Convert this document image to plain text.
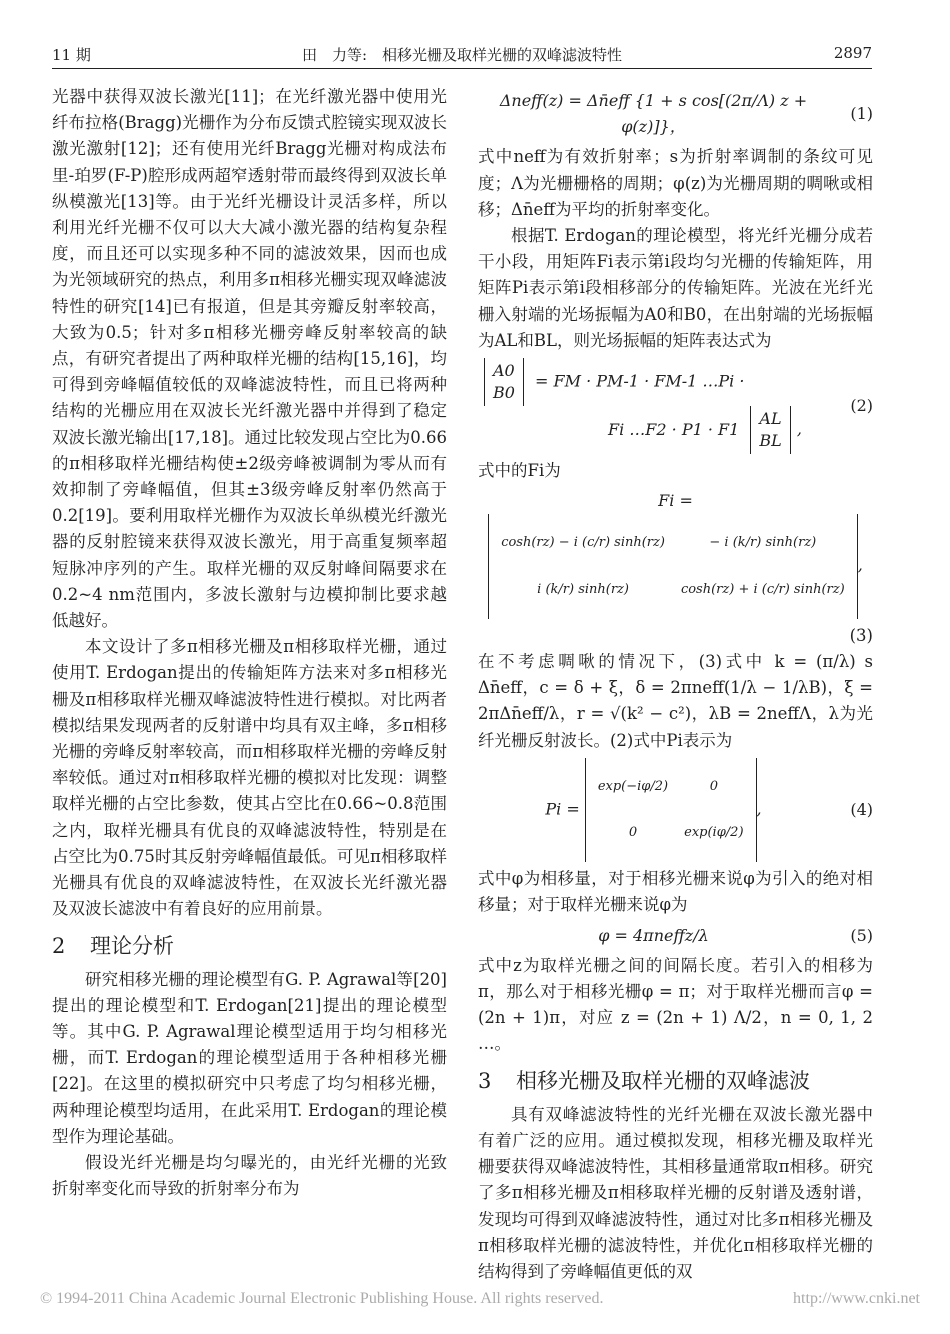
11 期	田　力等:　相移光栅及取样光栅的双峰滤波特性	2897

光器中获得双波长激光[11]；在光纤激光器中使用光纤布拉格(Bragg)光栅作为分布反馈式腔镜实现双波长激光激射[12]；还有使用光纤Bragg光栅对构成法布里-珀罗(F-P)腔形成两超窄透射带而最终得到双波长单纵模激光[13]等。由于光纤光栅设计灵活多样，所以利用光纤光栅不仅可以大大减小激光器的结构复杂程度，而且还可以实现多种不同的滤波效果，因而也成为光领域研究的热点，利用多π相移光栅实现双峰滤波特性的研究[14]已有报道，但是其旁瓣反射率较高，大致为0.5；针对多π相移光栅旁峰反射率较高的缺点，有研究者提出了两种取样光栅的结构[15,16]，均可得到旁峰幅值较低的双峰滤波特性，而且已将两种结构的光栅应用在双波长光纤激光器中并得到了稳定双波长激光输出[17,18]。通过比较发现占空比为0.66的π相移取样光栅结构使±2级旁峰被调制为零从而有效抑制了旁峰幅值，但其±3级旁峰反射率仍然高于0.2[19]。要利用取样光栅作为双波长单纵模光纤激光器的反射腔镜来获得双波长激光，用于高重复频率超短脉冲序列的产生。取样光栅的双反射峰间隔要求在0.2~4 nm范围内，多波长激射与边模抑制比要求越低越好。

本文设计了多π相移光栅及π相移取样光栅，通过使用T. Erdogan提出的传输矩阵方法来对多π相移光栅及π相移取样光栅双峰滤波特性进行模拟。对比两者模拟结果发现两者的反射谱中均具有双主峰，多π相移光栅的旁峰反射率较高，而π相移取样光栅的旁峰反射率较低。通过对π相移取样光栅的模拟对比发现：调整取样光栅的占空比参数，使其占空比在0.66~0.8范围之内，取样光栅具有优良的双峰滤波特性，特别是在占空比为0.75时其反射旁峰幅值最低。可见π相移取样光栅具有优良的双峰滤波特性，在双波长光纤激光器及双波长滤波中有着良好的应用前景。

2 理论分析

研究相移光栅的理论模型有G. P. Agrawal等[20]提出的理论模型和T. Erdogan[21]提出的理论模型等。其中G. P. Agrawal理论模型适用于均匀相移光栅，而T. Erdogan的理论模型适用于各种相移光栅[22]。在这里的模拟研究中只考虑了均匀相移光栅，两种理论模型均适用，在此采用T. Erdogan的理论模型作为理论基础。

假设光纤光栅是均匀曝光的，由光纤光栅的光致折射率变化而导致的折射率分布为

Δneff(z) = Δn̄eff {1 + s cos[(2π/Λ) z + φ(z)]}，
(1)

式中neff为有效折射率；s为折射率调制的条纹可见度；Λ为光栅栅格的周期；φ(z)为光栅周期的啁啾或相移；Δn̄eff为平均的折射率变化。

根据T. Erdogan的理论模型，将光纤光栅分成若干小段，用矩阵Fi表示第i段均匀光栅的传输矩阵，用矩阵Pi表示第i段相移部分的传输矩阵。光波在光纤光栅入射端的光场振幅为A0和B0，在出射端的光场振幅为AL和BL，则光场振幅的矩阵表达式为

A0
B0 = FM · PM-1 · FM-1 …Pi ·
Fi …F2 · P1 · F1 AL
BL,
(2)

式中的Fi为

Fi =
cosh(rz) − i (c/r) sinh(rz)	− i (k/r) sinh(rz)
i (k/r) sinh(rz)	cosh(rz) + i (c/r) sinh(rz)
,
(3)

在不考虑啁啾的情况下，(3)式中 k = (π/λ) s Δn̄eff，c = δ + ξ，δ = 2πneff(1/λ − 1/λB)，ξ = 2πΔn̄eff/λ，r = √(k² − c²)，λB = 2neffΛ，λ为光纤光栅反射波长。(2)式中Pi表示为

Pi =
exp(−iφ/2)	0
0	exp(iφ/2)
,	(4)

式中φ为相移量，对于相移光栅来说φ为引入的绝对相移量；对于取样光栅来说φ为

φ = 4πneffz/λ	(5)

式中z为取样光栅之间的间隔长度。若引入的相移为π，那么对于相移光栅φ = π；对于取样光栅而言φ = (2n + 1)π，对应 z = (2n + 1) Λ/2，n = 0, 1, 2 …。

3 相移光栅及取样光栅的双峰滤波

具有双峰滤波特性的光纤光栅在双波长激光器中有着广泛的应用。通过模拟发现，相移光栅及取样光栅要获得双峰滤波特性，其相移量通常取π相移。研究了多π相移光栅及π相移取样光栅的反射谱及透射谱，发现均可得到双峰滤波特性，通过对比多π相移光栅及π相移取样光栅的滤波特性，并优化π相移取样光栅的结构得到了旁峰幅值更低的双

© 1994-2011 China Academic Journal Electronic Publishing House. All rights reserved.	http://www.cnki.net
